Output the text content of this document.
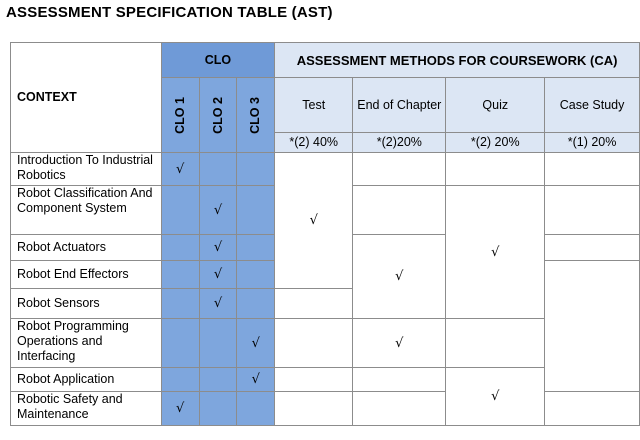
ASSESSMENT SPECIFICATION TABLE (AST)
CONTEXT	CLO			ASSESSMENT METHODS FOR COURSEWORK (CA)			
	CLO 1	CLO 2	CLO 3	Test	End of Chapter	Quiz	Case Study
				*(2) 40%	*(2)20%	*(2) 20%	*(1) 20%
Introduction To Industrial Robotics	√			√			
Robot Classification And Component System		√				√	
Robot Actuators		√			√		
Robot End Effectors		√					
Robot Sensors		√					
Robot Programming Operations and Interfacing			√		√		
Robot Application			√			√	
Robotic Safety and Maintenance	√						
